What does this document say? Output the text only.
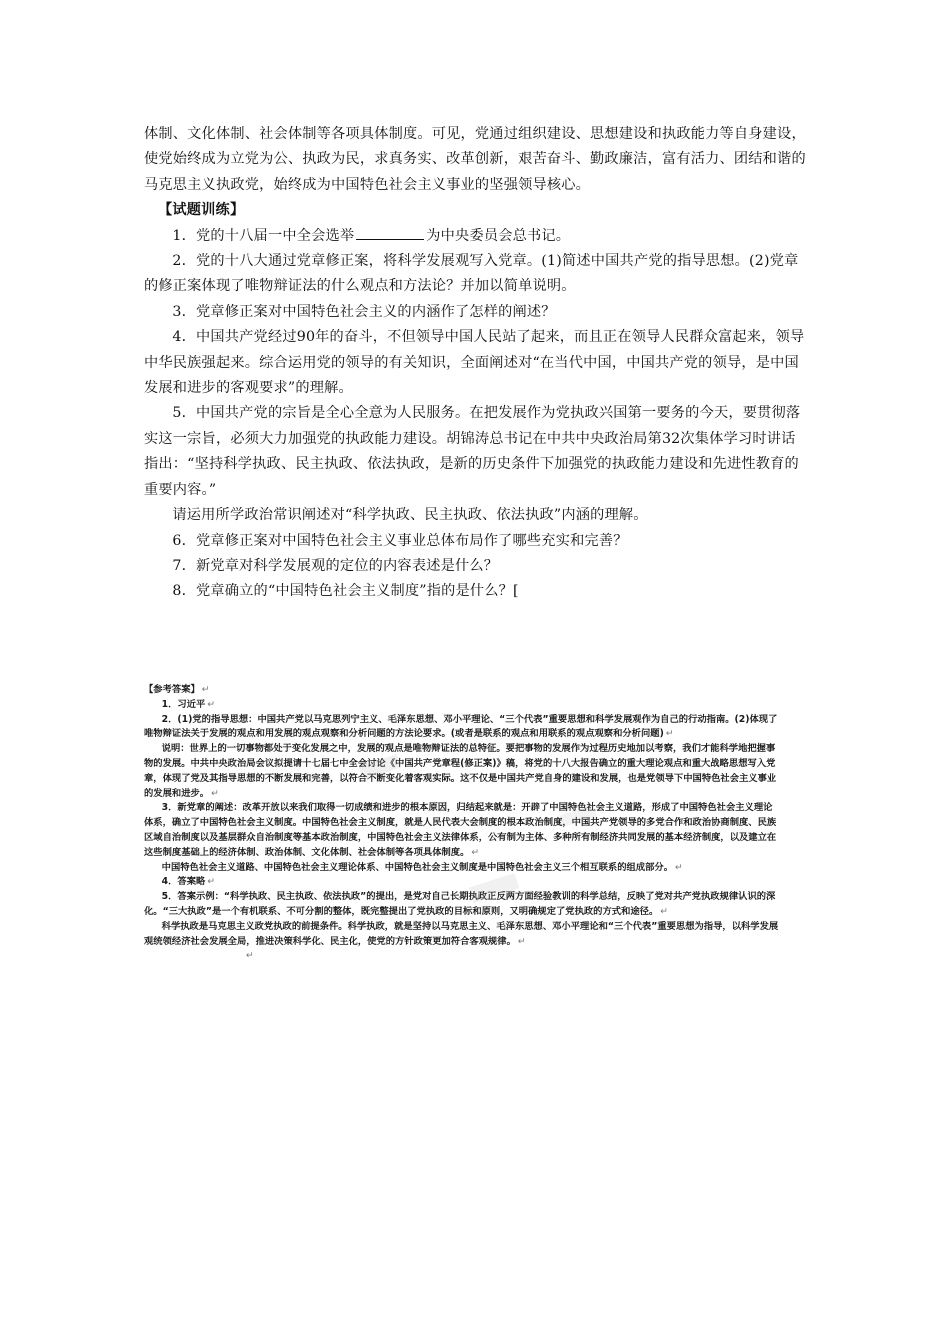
体制、文化体制、社会体制等各项具体制度。可见，党通过组织建设、思想建设和执政能力等自身建设，使党始终成为立党为公、执政为民，求真务实、改革创新，艰苦奋斗、勤政廉洁，富有活力、团结和谐的马克思主义执政党，始终成为中国特色社会主义事业的坚强领导核心。

【试题训练】

1．党的十八届一中全会选举	为中央委员会总书记。

2．党的十八大通过党章修正案，将科学发展观写入党章。(1)简述中国共产党的指导思想。(2)党章的修正案体现了唯物辩证法的什么观点和方法论？并加以简单说明。

3．党章修正案对中国特色社会主义的内涵作了怎样的阐述？

4．中国共产党经过90年的奋斗，不但领导中国人民站了起来，而且正在领导人民群众富起来，领导中华民族强起来。综合运用党的领导的有关知识，全面阐述对“在当代中国，中国共产党的领导，是中国发展和进步的客观要求”的理解。

5．中国共产党的宗旨是全心全意为人民服务。在把发展作为党执政兴国第一要务的今天，要贯彻落实这一宗旨，必须大力加强党的执政能力建设。胡锦涛总书记在中共中央政治局第32次集体学习时讲话指出：“坚持科学执政、民主执政、依法执政，是新的历史条件下加强党的执政能力建设和先进性教育的重要内容。”

请运用所学政治常识阐述对“科学执政、民主执政、依法执政”内涵的理解。

6．党章修正案对中国特色社会主义事业总体布局作了哪些充实和完善？

7．新党章对科学发展观的定位的内容表述是什么？

8．党章确立的“中国特色社会主义制度”指的是什么？[

【参考答案】 ↵

1．习近平 ↵

2．(1)党的指导思想：中国共产党以马克思列宁主义、毛泽东思想、邓小平理论、“三个代表”重要思想和科学发展观作为自己的行动指南。(2)体现了唯物辩证法关于发展的观点和用发展的观点观察和分析问题的方法论要求。(或者是联系的观点和用联系的观点观察和分析问题) ↵

说明：世界上的一切事物都处于变化发展之中，发展的观点是唯物辩证法的总特征。要把事物的发展作为过程历史地加以考察，我们才能科学地把握事物的发展。中共中央政治局会议拟提请十七届七中全会讨论《中国共产党章程(修正案)》稿，将党的十八大报告确立的重大理论观点和重大战略思想写入党章，体现了党及其指导思想的不断发展和完善，以符合不断变化着客观实际。这不仅是中国共产党自身的建设和发展，也是党领导下中国特色社会主义事业的发展和进步。 ↵

3．新党章的阐述：改革开放以来我们取得一切成绩和进步的根本原因，归结起来就是：开辟了中国特色社会主义道路，形成了中国特色社会主义理论体系，确立了中国特色社会主义制度。中国特色社会主义制度，就是人民代表大会制度的根本政治制度，中国共产党领导的多党合作和政治协商制度、民族区域自治制度以及基层群众自治制度等基本政治制度，中国特色社会主义法律体系，公有制为主体、多种所有制经济共同发展的基本经济制度，以及建立在这些制度基础上的经济体制、政治体制、文化体制、社会体制等各项具体制度。 ↵

中国特色社会主义道路、中国特色社会主义理论体系、中国特色社会主义制度是中国特色社会主义三个相互联系的组成部分。 ↵

4．答案略 ↵

5．答案示例：“科学执政、民主执政、依法执政”的提出，是党对自己长期执政正反两方面经验教训的科学总结，反映了党对共产党执政规律认识的深化。“三大执政”是一个有机联系、不可分割的整体，既完整提出了党执政的目标和原则，又明确规定了党执政的方式和途径。 ↵

科学执政是马克思主义政党执政的前提条件。科学执政，就是坚持以马克思主义、毛泽东思想、邓小平理论和“三个代表”重要思想为指导，以科学发展观统领经济社会发展全局，推进决策科学化、民主化，使党的方针政策更加符合客观规律。 ↵

↵
